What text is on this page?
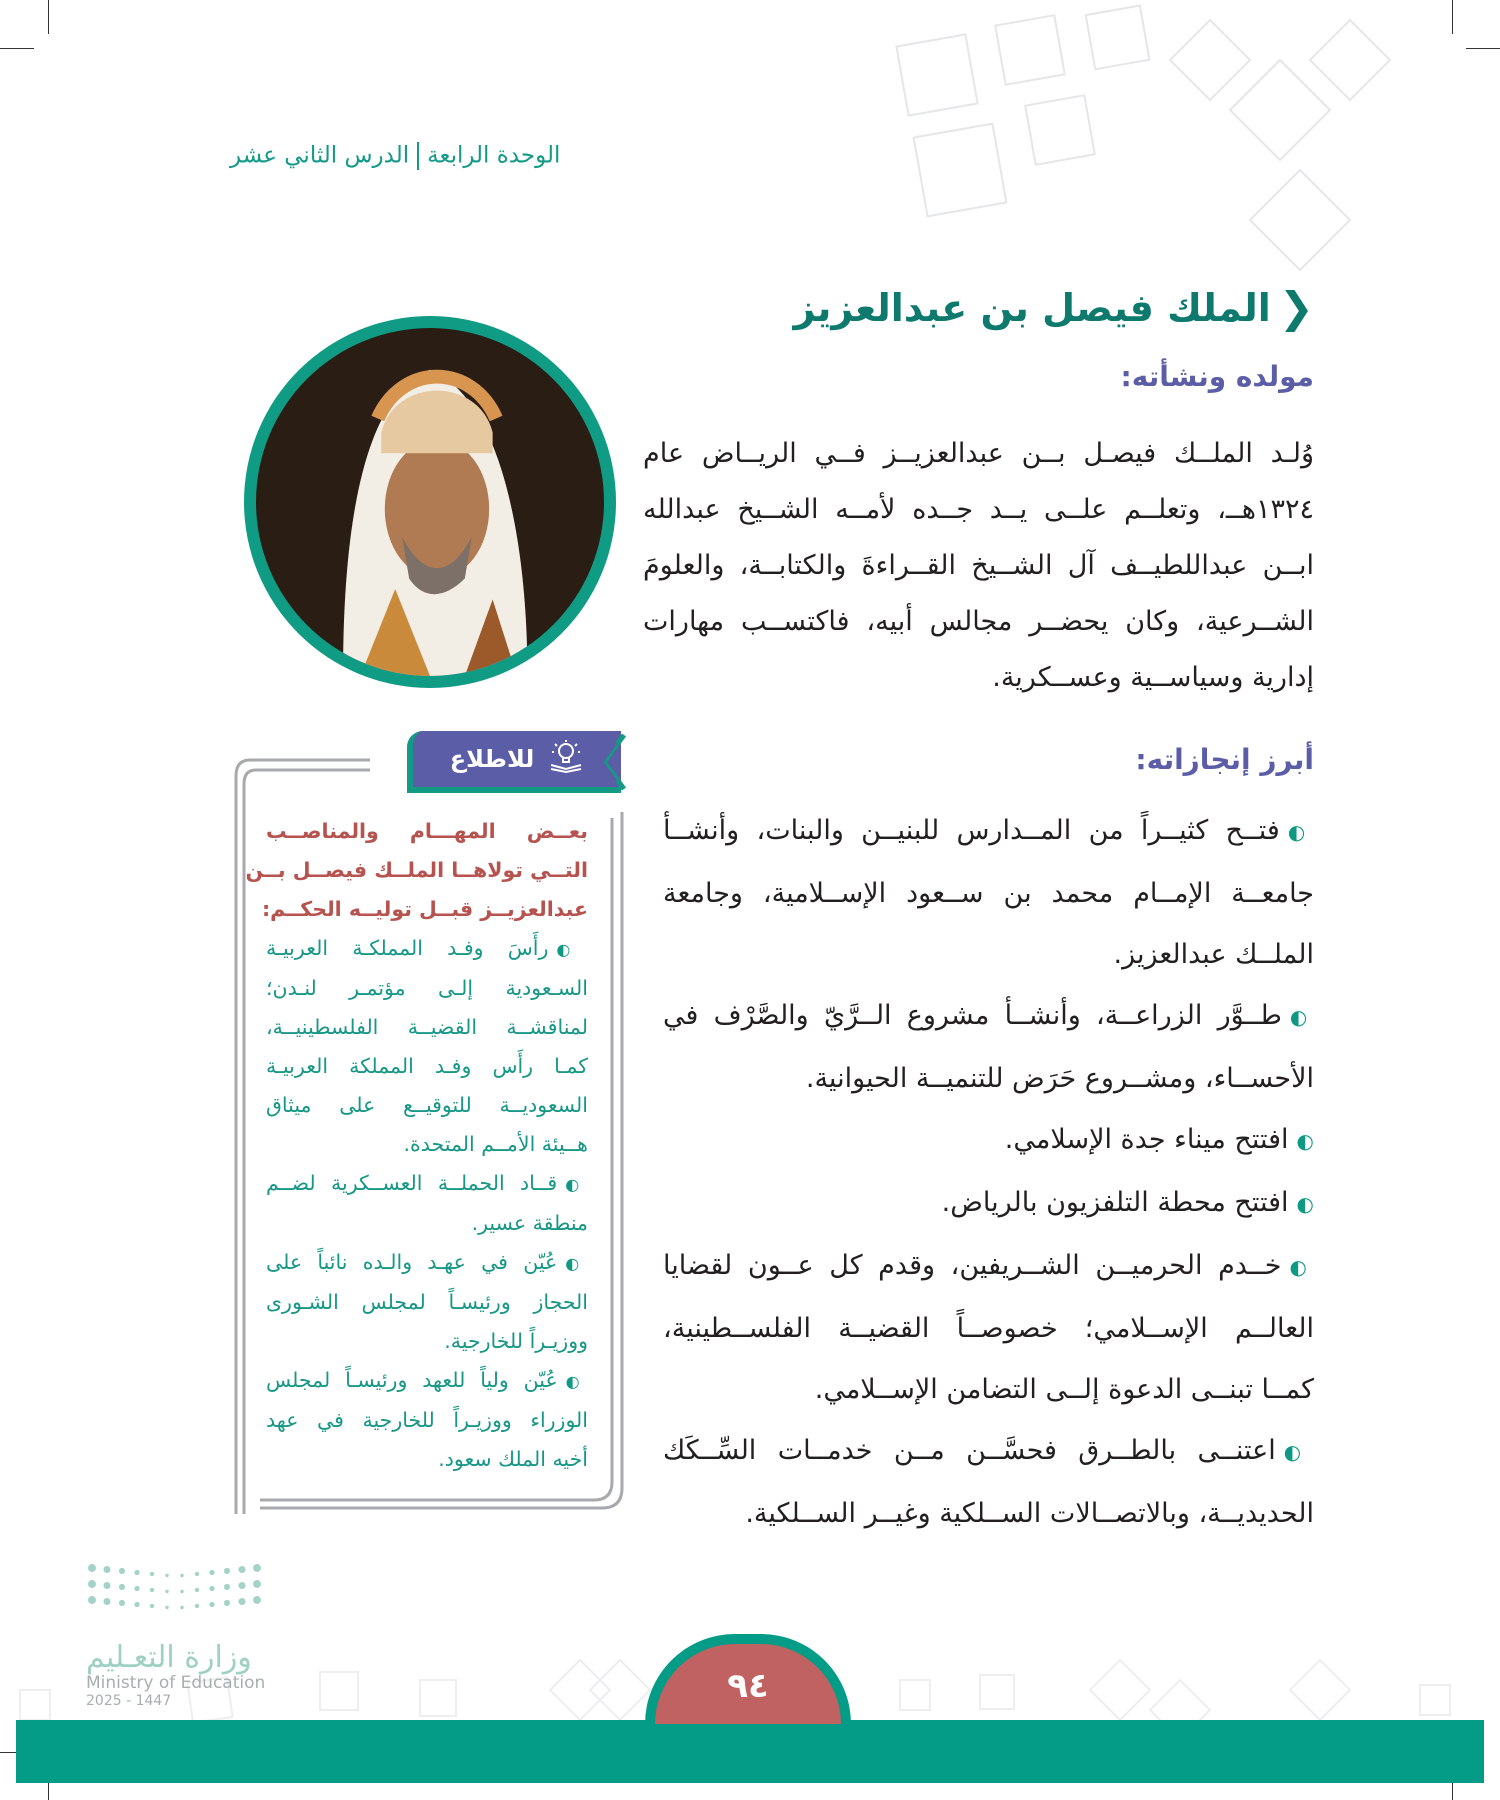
الوحدة الرابعةالدرس الثاني عشر
❮
الملك فيصل بن عبدالعزيز
مولده ونشأته:
وُلـد الملــك فيصـل بــن عبدالعزيــز فــي الريــاض عام
١٣٢٤هــ، وتعلــم علــى يــد جــده لأمــه الشــيخ عبدالله
ابــن عبداللطيــف آل الشــيخ القــراءةَ والكتابــة، والعلومَ
الشــرعية، وكان يحضــر مجالس أبيه، فاكتســب مهارات
إدارية وسياســية وعســكرية.
أبرز إنجازاته:
◐فتــح كثيــراً من المــدارس للبنيــن والبنات، وأنشــأ
جامعــة الإمــام محمد بن ســعود الإســلامية، وجامعة
الملــك عبدالعزيز.
◐طــوَّر الزراعــة، وأنشــأ مشروع الــرَّيّ والصَّرْف في
الأحســاء، ومشــروع حَرَض للتنميــة الحيوانية.
◐افتتح ميناء جدة الإسلامي.
◐افتتح محطة التلفزيون بالرياض.
◐خــدم الحرميــن الشــريفين، وقدم كل عــون لقضايا
العالــم الإســلامي؛ خصوصــاً القضيــة الفلســطينية،
كمــا تبنــى الدعوة إلــى التضامن الإســلامي.
◐اعتنــى بالطــرق فحسَّــن مــن خدمــات السِّــكَك
الحديديــة، وبالاتصــالات الســلكية وغيــر الســلكية.
للاطلاع
بعــض المهـــام والمناصــب
التــي تولاهــا الملــك فيصــل بــن
عبدالعزيــز قبــل توليــه الحكــم:
◐رأَسَ وفـد المملكـة العربيـة
السـعودية إلـى مؤتمـر لنـدن؛
لمناقشــة القضيــة الفلسطينيــة،
كمـا رأَس وفـد المملكة العربيـة
السعوديــة للتوقيــع على ميثاق
هــيئة الأمــم المتحدة.
◐قــاد الحملــة العســكرية لضــم
منطقة عسير.
◐عُيّن في عهـد والـده نائباً على
الحجاز ورئيسـاً لمجلس الشـورى
ووزيـراً للخارجية.
◐عُيّن ولياً للعهد ورئيسـاً لمجلس
الوزراء ووزيـراً للخارجية في عهد
أخيه الملك سعود.
٩٤
وزارة التعـليم
Ministry of Education
2025 - 1447
